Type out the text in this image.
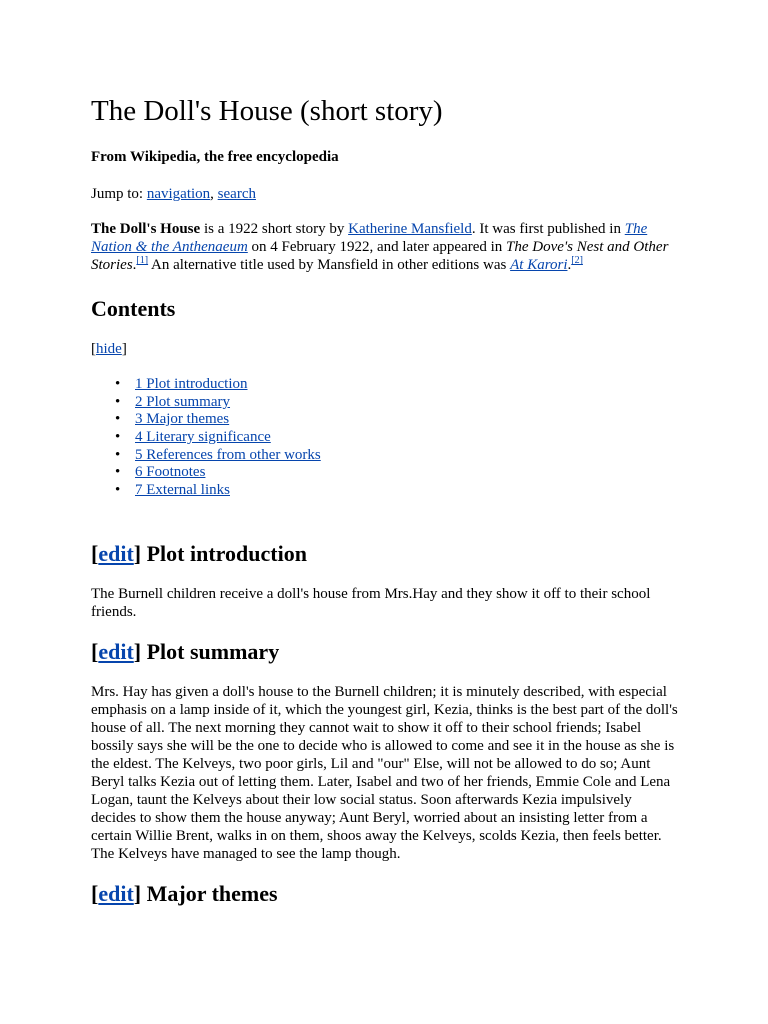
The Doll's House (short story)
From Wikipedia, the free encyclopedia
Jump to: navigation, search

The Doll's House is a 1922 short story by Katherine Mansfield. It was first published in The Nation & the Anthenaeum on 4 February 1922, and later appeared in The Dove's Nest and Other Stories.[1] An alternative title used by Mansfield in other editions was At Karori.[2]

Contents
[hide]
• 1 Plot introduction
• 2 Plot summary
• 3 Major themes
• 4 Literary significance
• 5 References from other works
• 6 Footnotes
• 7 External links
[edit] Plot introduction

The Burnell children receive a doll's house from Mrs.Hay and they show it off to their school friends.

[edit] Plot summary

Mrs. Hay has given a doll's house to the Burnell children; it is minutely described, with especial emphasis on a lamp inside of it, which the youngest girl, Kezia, thinks is the best part of the doll's house of all. The next morning they cannot wait to show it off to their school friends; Isabel bossily says she will be the one to decide who is allowed to come and see it in the house as she is the eldest. The Kelveys, two poor girls, Lil and "our" Else, will not be allowed to do so; Aunt Beryl talks Kezia out of letting them. Later, Isabel and two of her friends, Emmie Cole and Lena Logan, taunt the Kelveys about their low social status. Soon afterwards Kezia impulsively decides to show them the house anyway; Aunt Beryl, worried about an insisting letter from a certain Willie Brent, walks in on them, shoos away the Kelveys, scolds Kezia, then feels better. The Kelveys have managed to see the lamp though.

[edit] Major themes
